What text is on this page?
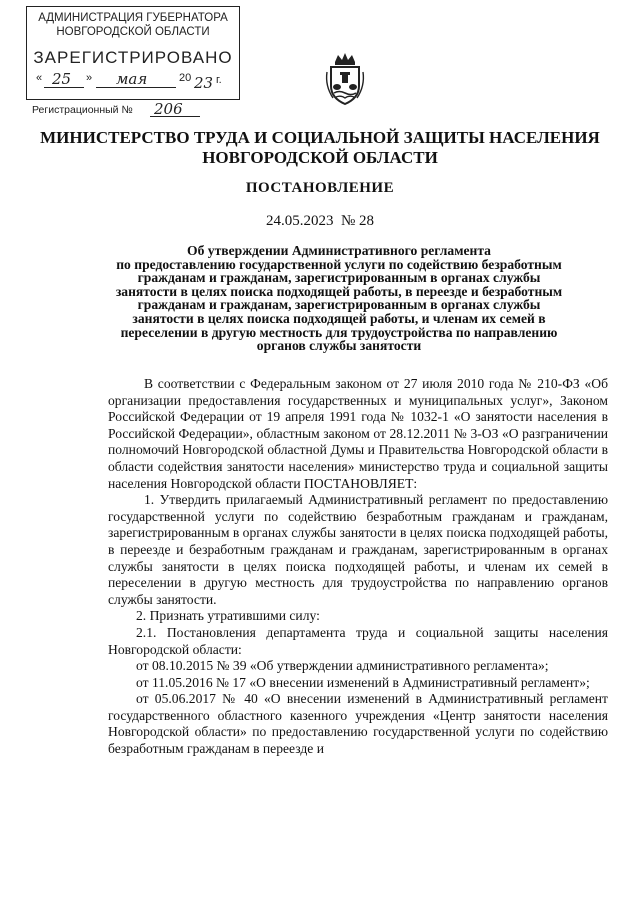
АДМИНИСТРАЦИЯ ГУБЕРНАТОРА
НОВГОРОДСКОЙ ОБЛАСТИ
ЗАРЕГИСТРИРОВАНО
« 25 » мая	20 23 г.
Регистрационный № 206
МИНИСТЕРСТВО ТРУДА И СОЦИАЛЬНОЙ ЗАЩИТЫ НАСЕЛЕНИЯ
НОВГОРОДСКОЙ ОБЛАСТИ
ПОСТАНОВЛЕНИЕ
24.05.2023 № 28
Об утверждении Административного регламента
по предоставлению государственной услуги по содействию безработным
гражданам и гражданам, зарегистрированным в органах службы
занятости в целях поиска подходящей работы, в переезде и безработным
гражданам и гражданам, зарегистрированным в органах службы
занятости в целях поиска подходящей работы, и членам их семей в
переселении в другую местность для трудоустройства по направлению
органов службы занятости

В соответствии с Федеральным законом от 27 июля 2010 года № 210-ФЗ «Об организации предоставления государственных и муниципальных услуг», Законом Российской Федерации от 19 апреля 1991 года № 1032-1 «О занятости населения в Российской Федерации», областным законом от 28.12.2011 № 3-ОЗ «О разграничении полномочий Новгородской областной Думы и Правительства Новгородской области в области содействия занятости населения» министерство труда и социальной защиты населения Новгородской области ПОСТАНОВЛЯЕТ:

1. Утвердить прилагаемый Административный регламент по предоставлению государственной услуги по содействию безработным гражданам и гражданам, зарегистрированным в органах службы занятости в целях поиска подходящей работы, в переезде и безработным гражданам и гражданам, зарегистрированным в органах службы занятости в целях поиска подходящей работы, и членам их семей в переселении в другую местность для трудоустройства по направлению органов службы занятости.

2. Признать утратившими силу:

2.1. Постановления департамента труда и социальной защиты населения Новгородской области:

от 08.10.2015 № 39 «Об утверждении административного регламента»;

от 11.05.2016 № 17 «О внесении изменений в Административный регламент»;

от 05.06.2017 № 40 «О внесении изменений в Административный регламент государственного областного казенного учреждения «Центр занятости населения Новгородской области» по предоставлению государственной услуги по содействию безработным гражданам в переезде и
